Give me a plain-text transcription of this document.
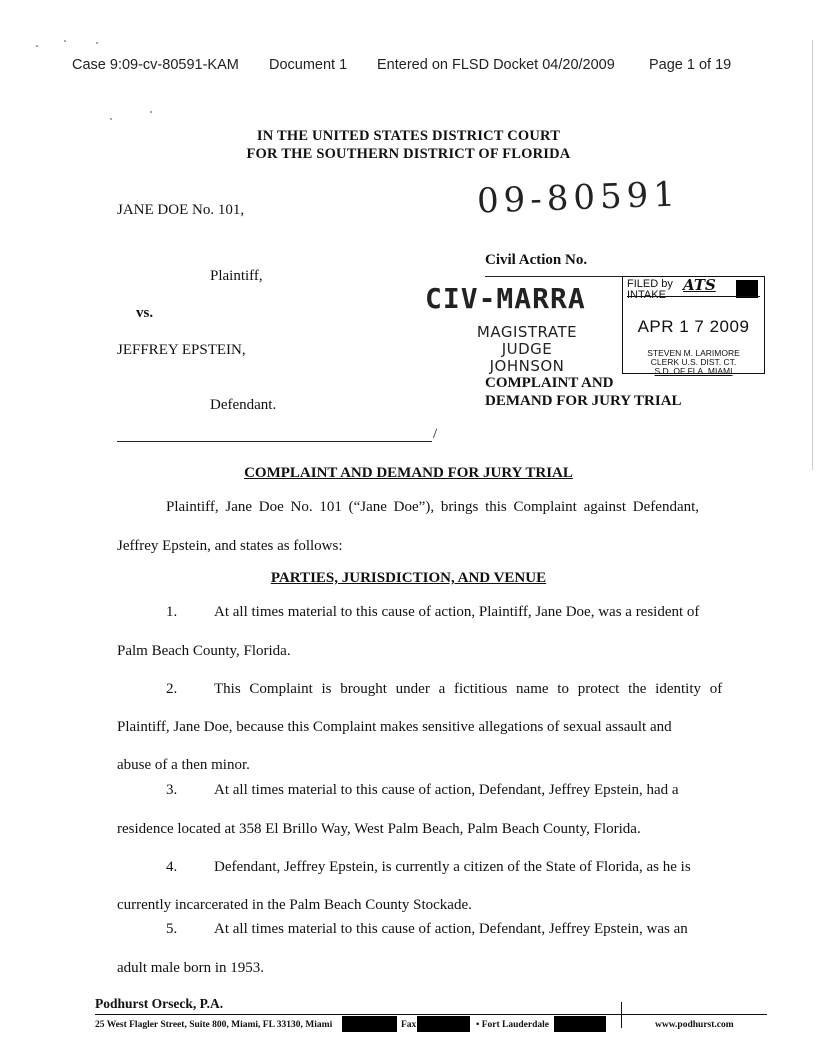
Case 9:09-cv-80591-KAM Document 1 Entered on FLSD Docket 04/20/2009 Page 1 of 19
IN THE UNITED STATES DISTRICT COURT
FOR THE SOUTHERN DISTRICT OF FLORIDA
09-80591
JANE DOE No. 101,
Plaintiff,
vs.
JEFFREY EPSTEIN,
Defendant.
Civil Action No.
CIV-MARRA
MAGISTRATE JUDGE
JOHNSON
COMPLAINT AND
DEMAND FOR JURY TRIAL
FILED by
INTAKE
ATS
APR 1 7 2009
STEVEN M. LARIMORE
CLERK U.S. DIST. CT.
S.D. OF FLA. MIAMI
/
COMPLAINT AND DEMAND FOR JURY TRIAL
Plaintiff, Jane Doe No. 101 (“Jane Doe”), brings this Complaint against Defendant,
Jeffrey Epstein, and states as follows:
PARTIES, JURISDICTION, AND VENUE
1. At all times material to this cause of action, Plaintiff, Jane Doe, was a resident of
Palm Beach County, Florida.
2. This Complaint is brought under a fictitious name to protect the identity of
Plaintiff, Jane Doe, because this Complaint makes sensitive allegations of sexual assault and
abuse of a then minor.
3. At all times material to this cause of action, Defendant, Jeffrey Epstein, had a
residence located at 358 El Brillo Way, West Palm Beach, Palm Beach County, Florida.
4. Defendant, Jeffrey Epstein, is currently a citizen of the State of Florida, as he is
currently incarcerated in the Palm Beach County Stockade.
5. At all times material to this cause of action, Defendant, Jeffrey Epstein, was an
adult male born in 1953.
Podhurst Orseck, P.A.
25 West Flagler Street, Suite 800, Miami, FL 33130, Miami	Fax	• Fort Lauderdale	www.podhurst.com
